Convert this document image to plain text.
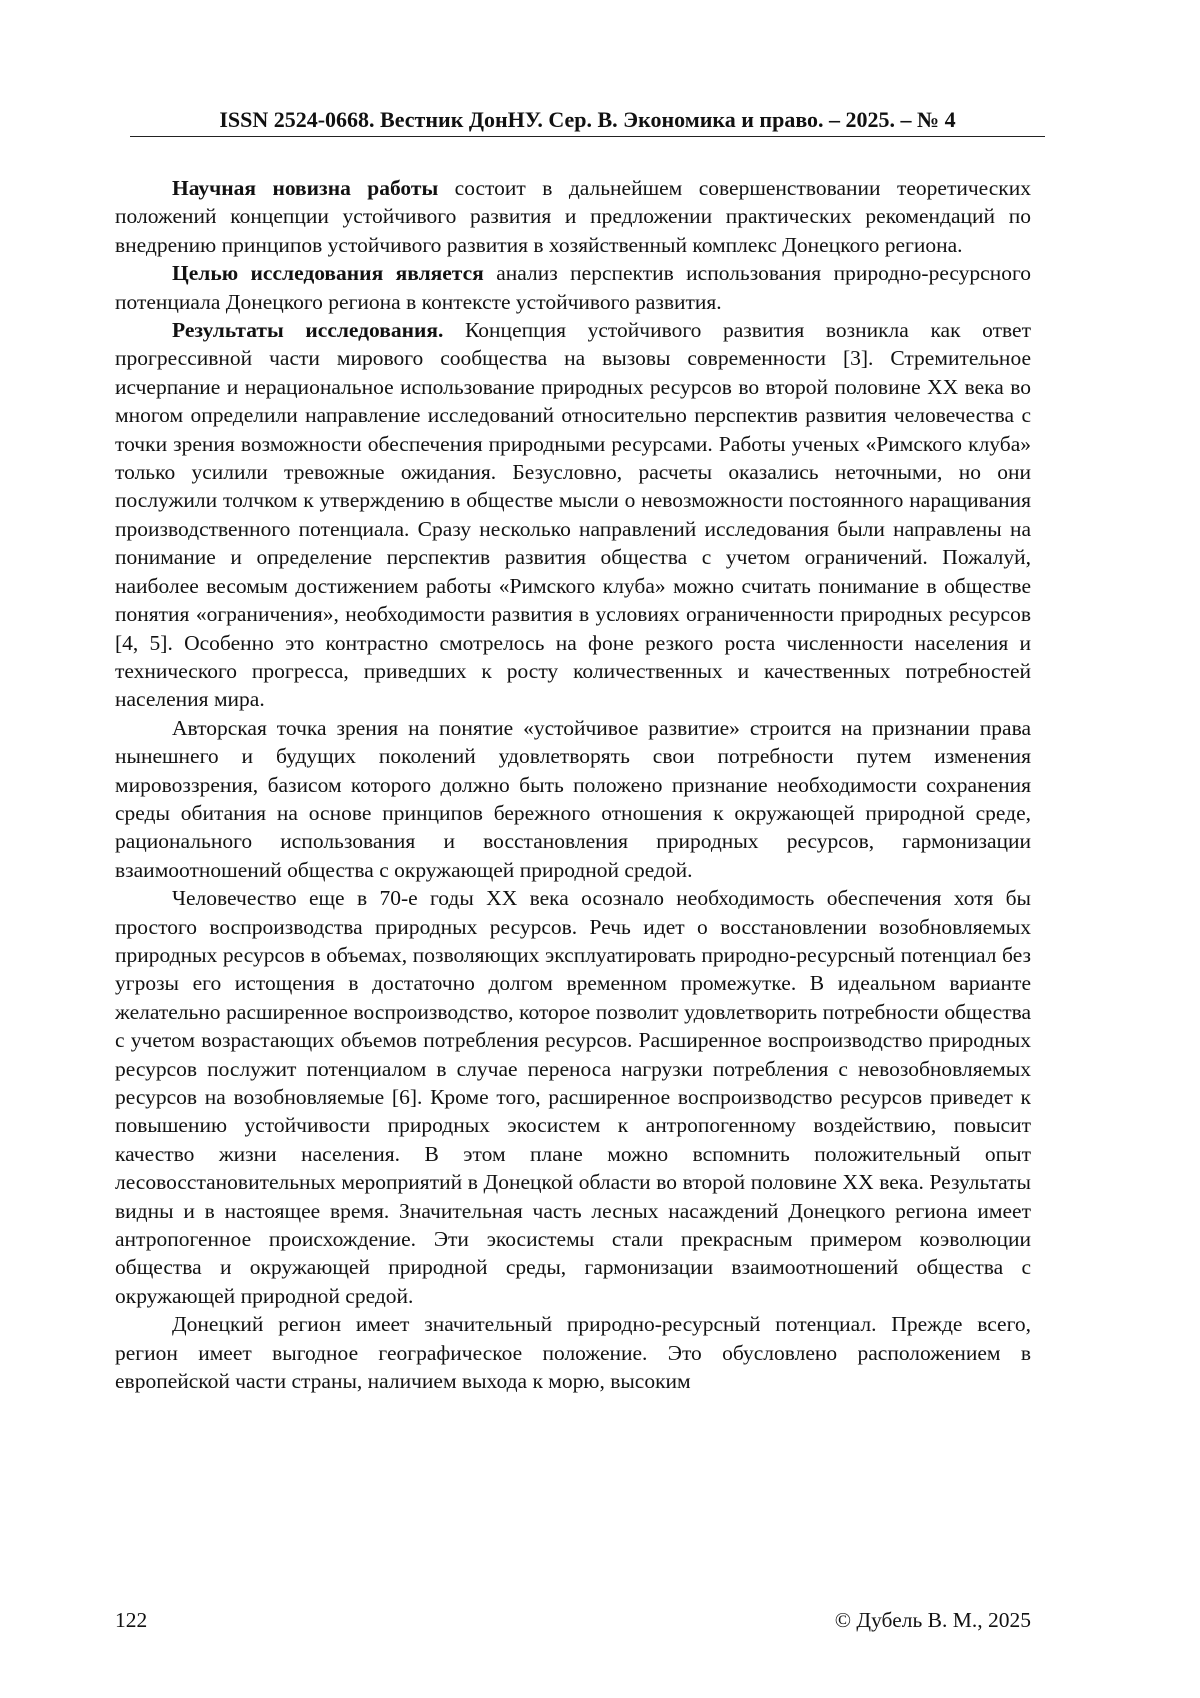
ISSN 2524-0668. Вестник ДонНУ. Сер. В. Экономика и право. – 2025. – № 4

Научная новизна работы состоит в дальнейшем совершенствовании теоретических положений концепции устойчивого развития и предложении практических рекомендаций по внедрению принципов устойчивого развития в хозяйственный комплекс Донецкого региона.

Целью исследования является анализ перспектив использования природно-ресурсного потенциала Донецкого региона в контексте устойчивого развития.

Результаты исследования. Концепция устойчивого развития возникла как ответ прогрессивной части мирового сообщества на вызовы современности [3]. Стремительное исчерпание и нерациональное использование природных ресурсов во второй половине ХХ века во многом определили направление исследований относительно перспектив развития человечества с точки зрения возможности обеспечения природными ресурсами. Работы ученых «Римского клуба» только усилили тревожные ожидания. Безусловно, расчеты оказались неточными, но они послужили толчком к утверждению в обществе мысли о невозможности постоянного наращивания производственного потенциала. Сразу несколько направлений исследования были направлены на понимание и определение перспектив развития общества с учетом ограничений. Пожалуй, наиболее весомым достижением работы «Римского клуба» можно считать понимание в обществе понятия «ограничения», необходимости развития в условиях ограниченности природных ресурсов [4, 5]. Особенно это контрастно смотрелось на фоне резкого роста численности населения и технического прогресса, приведших к росту количественных и качественных потребностей населения мира.

Авторская точка зрения на понятие «устойчивое развитие» строится на признании права нынешнего и будущих поколений удовлетворять свои потребности путем изменения мировоззрения, базисом которого должно быть положено признание необходимости сохранения среды обитания на основе принципов бережного отношения к окружающей природной среде, рационального использования и восстановления природных ресурсов, гармонизации взаимоотношений общества с окружающей природной средой.

Человечество еще в 70-е годы ХХ века осознало необходимость обеспечения хотя бы простого воспроизводства природных ресурсов. Речь идет о восстановлении возобновляемых природных ресурсов в объемах, позволяющих эксплуатировать природно-ресурсный потенциал без угрозы его истощения в достаточно долгом временном промежутке. В идеальном варианте желательно расширенное воспроизводство, которое позволит удовлетворить потребности общества с учетом возрастающих объемов потребления ресурсов. Расширенное воспроизводство природных ресурсов послужит потенциалом в случае переноса нагрузки потребления с невозобновляемых ресурсов на возобновляемые [6]. Кроме того, расширенное воспроизводство ресурсов приведет к повышению устойчивости природных экосистем к антропогенному воздействию, повысит качество жизни населения. В этом плане можно вспомнить положительный опыт лесовосстановительных мероприятий в Донецкой области во второй половине ХХ века. Результаты видны и в настоящее время. Значительная часть лесных насаждений Донецкого региона имеет антропогенное происхождение. Эти экосистемы стали прекрасным примером коэволюции общества и окружающей природной среды, гармонизации взаимоотношений общества с окружающей природной средой.

Донецкий регион имеет значительный природно-ресурсный потенциал. Прежде всего, регион имеет выгодное географическое положение. Это обусловлено расположением в европейской части страны, наличием выхода к морю, высоким

122	© Дубель В. М., 2025
